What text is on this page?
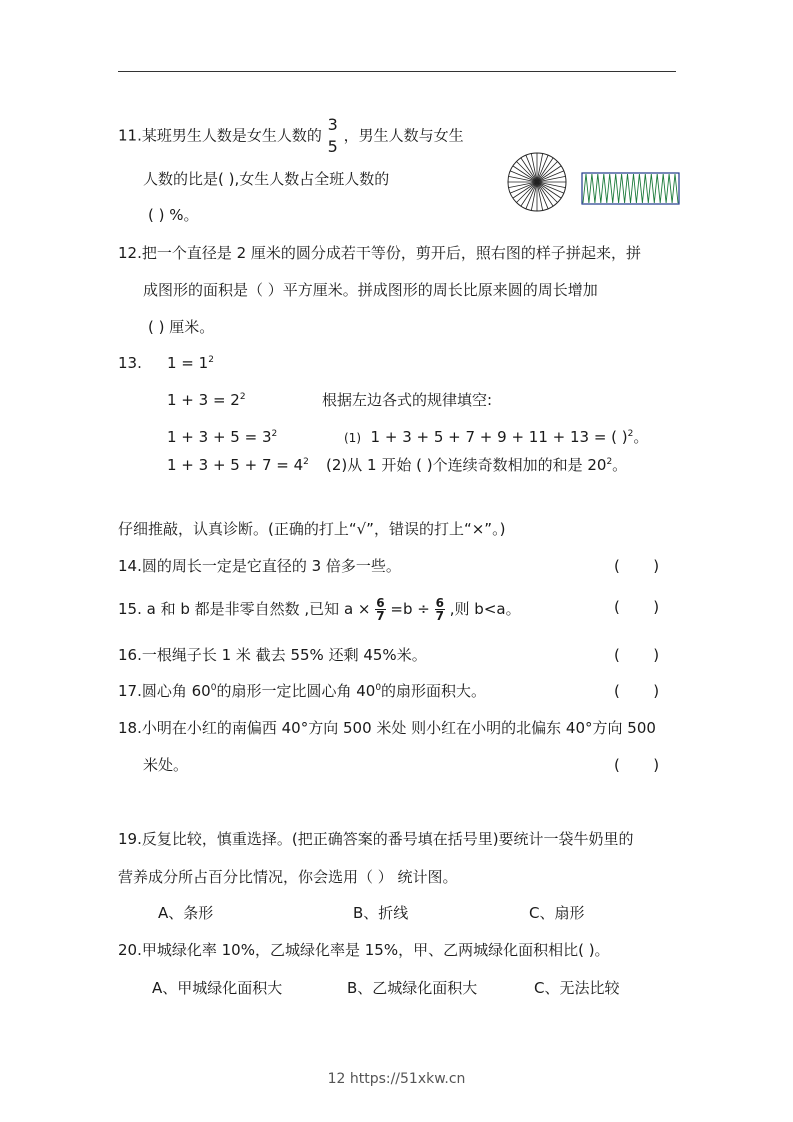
11.某班男生人数是女生人数的
3
5
，男生人数与女生
人数的比是( ),女生人数占全班人数的
( ) %。
12.把一个直径是 2 厘米的圆分成若干等份，剪开后，照右图的样子拼起来，拼
成图形的面积是（ ）平方厘米。拼成图形的周长比原来圆的周长增加
( ) 厘米。
13. $1 = 1^2$
$1 + 3 = 2^2$	根据左边各式的规律填空:
$1 + 3 + 5 = 3^2$	(1) 1 + 3 + 5 + 7 + 9 + 11 + 13 = ( )$^2$。
$1 + 3 + 5 + 7 = 4^2$ (2)从 1 开始 ( )个连续奇数相加的和是 $20^2$。
仔细推敲，认真诊断。(正确的打上“√”，错误的打上“×”。)
14.圆的周长一定是它直径的 3 倍多一些。	(       )
15. a 和 b 都是非零自然数 ,已知 $a \times \frac{6}{7} =b \div \frac{6}{7}$ ,则 b<a。	(       )
16.一根绳子长 1 米 截去 55% 还剩 45%米。	(       )
17.圆心角 $60^0$的扇形一定比圆心角 $40^0$的扇形面积大。	(       )
18.小明在小红的南偏西 40°方向 500 米处 则小红在小明的北偏东 40°方向 500
米处。	(       )
19.反复比较，慎重选择。(把正确答案的番号填在括号里)要统计一袋牛奶里的
营养成分所占百分比情况，你会选用（ ） 统计图。
A、条形	B、折线	C、扇形
20.甲城绿化率 10%，乙城绿化率是 15%，甲、乙两城绿化面积相比( )。
A、甲城绿化面积大	B、乙城绿化面积大	C、无法比较
12 https://51xkw.cn
